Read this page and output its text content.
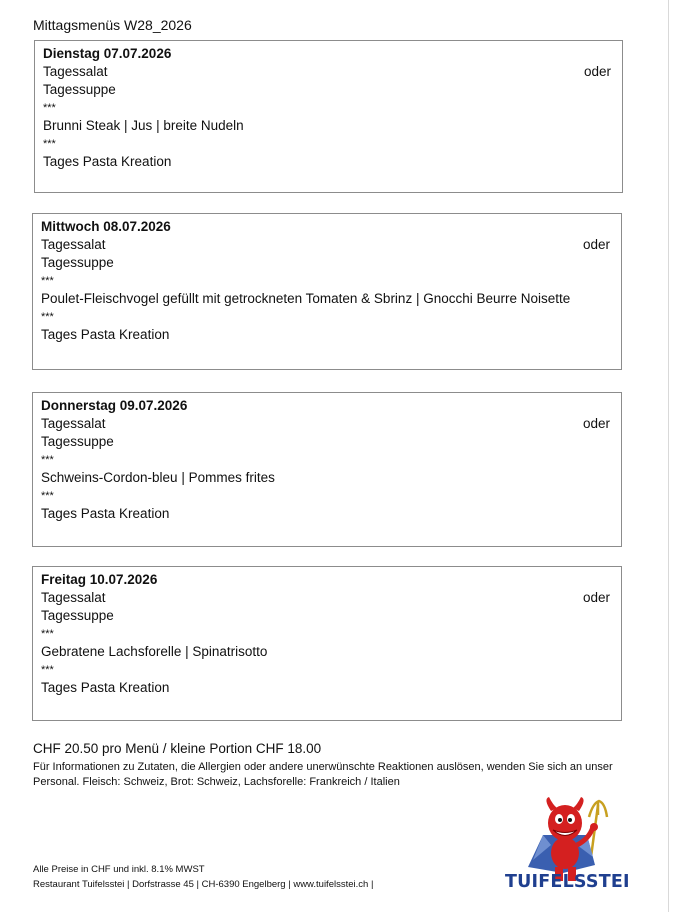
Mittagsmenüs W28_2026
Dienstag 07.07.2026
Tagessalat
Tagessuppe
***
Brunni Steak | Jus | breite Nudeln
***
Tages Pasta Kreation
oder
Mittwoch 08.07.2026
Tagessalat
Tagessuppe
***
Poulet-Fleischvogel gefüllt mit getrockneten Tomaten & Sbrinz | Gnocchi Beurre Noisette
***
Tages Pasta Kreation
oder
Donnerstag 09.07.2026
Tagessalat
Tagessuppe
***
Schweins-Cordon-bleu | Pommes frites
***
Tages Pasta Kreation
oder
Freitag 10.07.2026
Tagessalat
Tagessuppe
***
Gebratene Lachsforelle | Spinatrisotto
***
Tages Pasta Kreation
oder
CHF 20.50 pro Menü / kleine Portion CHF 18.00
Für Informationen zu Zutaten, die Allergien oder andere unerwünschte Reaktionen auslösen, wenden Sie sich an unser
Personal. Fleisch: Schweiz, Brot: Schweiz, Lachsforelle: Frankreich / Italien
Alle Preise in CHF und inkl. 8.1% MWST
Restaurant Tuifelsstei | Dorfstrasse 45 | CH-6390 Engelberg | www.tuifelsstei.ch |	TUIFELSSTEI
